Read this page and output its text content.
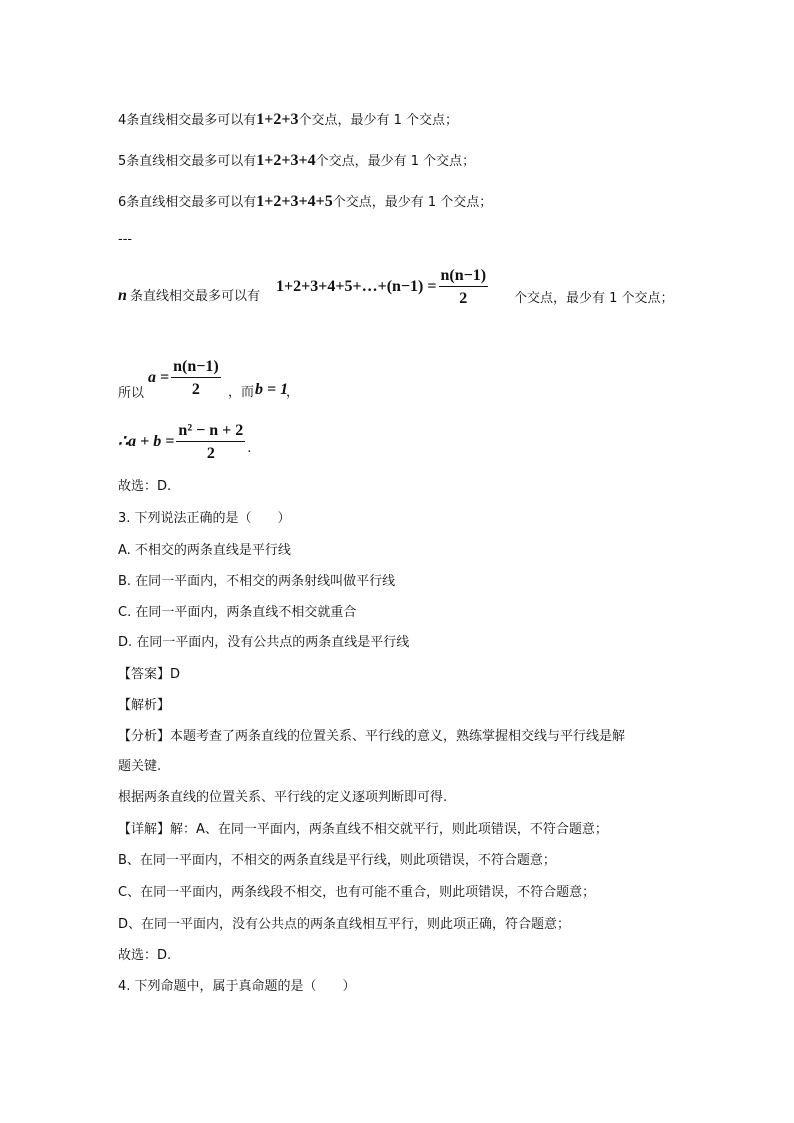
4条直线相交最多可以有1+2+3个交点，最少有 1 个交点；
5条直线相交最多可以有1+2+3+4个交点，最少有 1 个交点；
6条直线相交最多可以有1+2+3+4+5个交点，最少有 1 个交点；
---
n 条直线相交最多可以有
1+2+3+4+5+…+(n−1) = $\frac{n(n-1)}{2}$ 个交点，最少有 1 个交点；
所以
$a = \frac{n(n-1)}{2}$ ，而 b = 1
，
∴a + $b = \frac{\text{n² − n + 2}}{2}$ .
故选：D.
3. 下列说法正确的是（　　）
A. 不相交的两条直线是平行线
B. 在同一平面内，不相交的两条射线叫做平行线
C. 在同一平面内，两条直线不相交就重合
D. 在同一平面内，没有公共点的两条直线是平行线
【答案】D
【解析】
【分析】本题考查了两条直线的位置关系、平行线的意义，熟练掌握相交线与平行线是解
题关键.
根据两条直线的位置关系、平行线的定义逐项判断即可得.
【详解】解：A、在同一平面内，两条直线不相交就平行，则此项错误，不符合题意；
B、在同一平面内，不相交的两条直线是平行线，则此项错误，不符合题意；
C、在同一平面内，两条线段不相交，也有可能不重合，则此项错误，不符合题意；
D、在同一平面内，没有公共点的两条直线相互平行，则此项正确，符合题意；
故选：D.
4. 下列命题中，属于真命题的是（　　）
